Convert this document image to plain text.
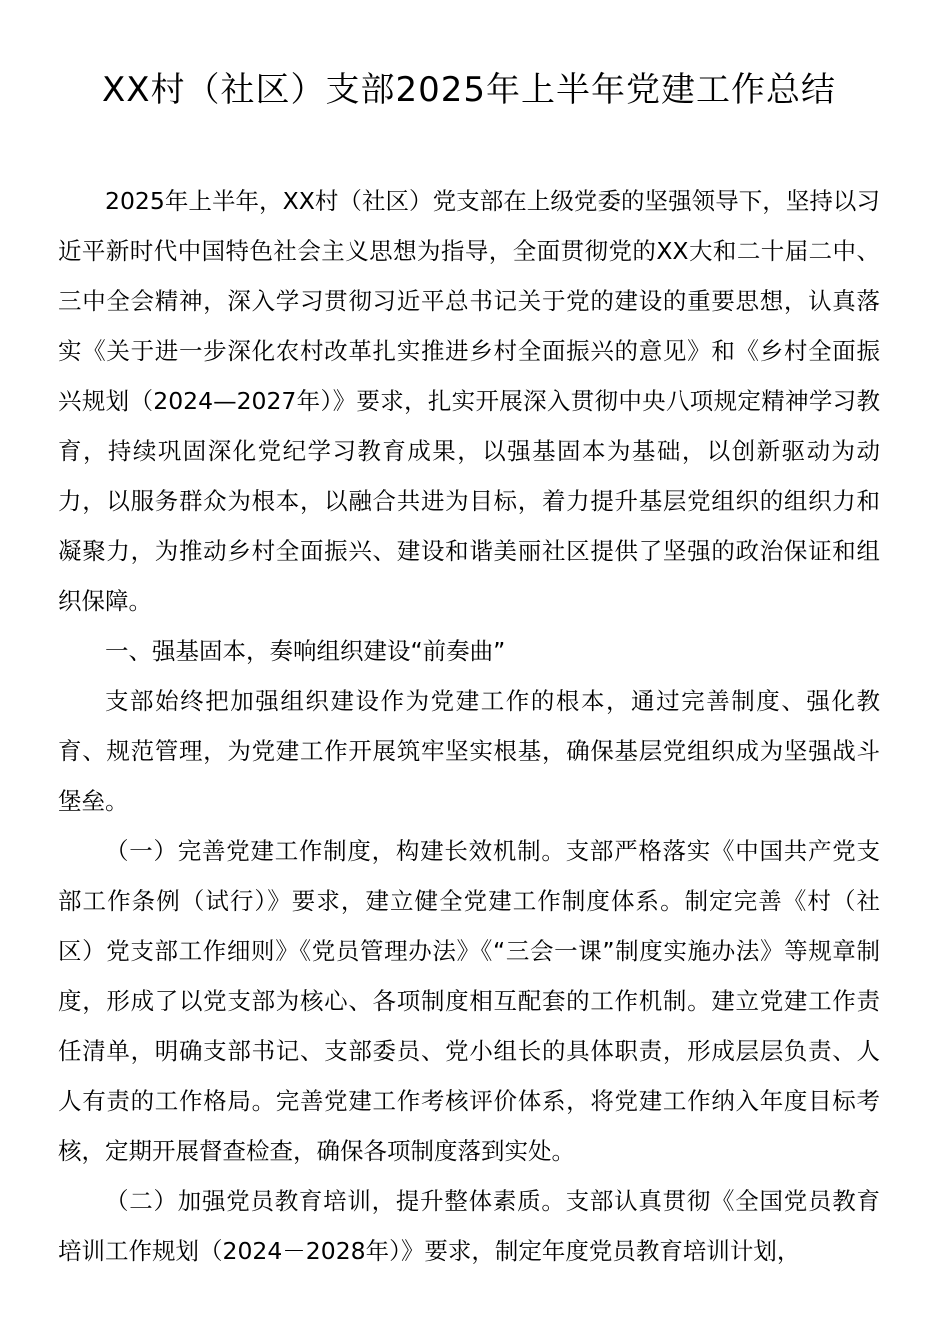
XX村（社区）支部2025年上半年党建工作总结

2025年上半年，XX村（社区）党支部在上级党委的坚强领导下，坚持以习近平新时代中国特色社会主义思想为指导，全面贯彻党的XX大和二十届二中、三中全会精神，深入学习贯彻习近平总书记关于党的建设的重要思想，认真落实《关于进一步深化农村改革扎实推进乡村全面振兴的意见》和《乡村全面振兴规划（2024—2027年）》要求，扎实开展深入贯彻中央八项规定精神学习教育，持续巩固深化党纪学习教育成果，以强基固本为基础，以创新驱动为动力，以服务群众为根本，以融合共进为目标，着力提升基层党组织的组织力和凝聚力，为推动乡村全面振兴、建设和谐美丽社区提供了坚强的政治保证和组织保障。

一、强基固本，奏响组织建设“前奏曲”

支部始终把加强组织建设作为党建工作的根本，通过完善制度、强化教育、规范管理，为党建工作开展筑牢坚实根基，确保基层党组织成为坚强战斗堡垒。

（一）完善党建工作制度，构建长效机制。支部严格落实《中国共产党支部工作条例（试行）》要求，建立健全党建工作制度体系。制定完善《村（社区）党支部工作细则》《党员管理办法》《“三会一课”制度实施办法》等规章制度，形成了以党支部为核心、各项制度相互配套的工作机制。建立党建工作责任清单，明确支部书记、支部委员、党小组长的具体职责，形成层层负责、人人有责的工作格局。完善党建工作考核评价体系，将党建工作纳入年度目标考核，定期开展督查检查，确保各项制度落到实处。

（二）加强党员教育培训，提升整体素质。支部认真贯彻《全国党员教育培训工作规划（2024－2028年）》要求，制定年度党员教育培训计划，
